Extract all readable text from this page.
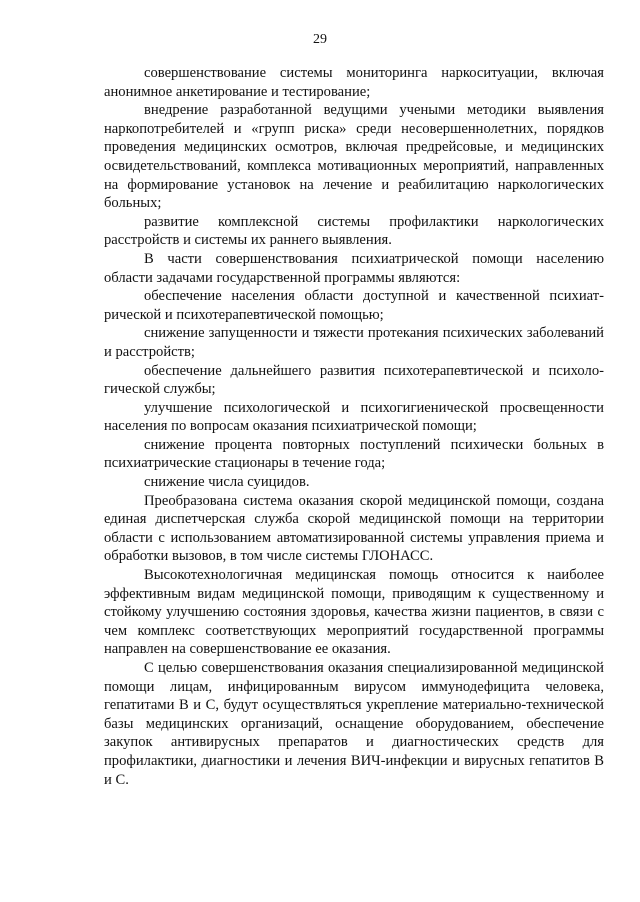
29

совершенствование системы мониторинга наркоситуации, включая анонимное анкетирование и тестирование;

внедрение разработанной ведущими учеными методики выявления наркопотребителей и «групп риска» среди несовершеннолетних, порядков проведения медицинских осмотров, включая предрейсовые, и медицинских освидетельствований, комплекса мотивационных мероприятий, направленных на формирование установок на лечение и реабилитацию наркологических больных;

развитие комплексной системы профилактики наркологических расстройств и системы их раннего выявления.

В части совершенствования психиатрической помощи населению области задачами государственной программы являются:

обеспечение населения области доступной и качественной психиатрической и психотерапевтической помощью;

снижение запущенности и тяжести протекания психических заболеваний и расстройств;

обеспечение дальнейшего развития психотерапевтической и психологической службы;

улучшение психологической и психогигиенической просвещенности населения по вопросам оказания психиатрической помощи;

снижение процента повторных поступлений психически больных в психиатрические стационары в течение года;

снижение числа суицидов.

Преобразована система оказания скорой медицинской помощи, создана единая диспетчерская служба скорой медицинской помощи на территории области с использованием автоматизированной системы управления приема и обработки вызовов, в том числе системы ГЛОНАСС.

Высокотехнологичная медицинская помощь относится к наиболее эффективным видам медицинской помощи, приводящим к существенному и стойкому улучшению состояния здоровья, качества жизни пациентов, в связи с чем комплекс соответствующих мероприятий государственной программы направлен на совершенствование ее оказания.

С целью совершенствования оказания специализированной медицинской помощи лицам, инфицированным вирусом иммунодефицита человека, гепатитами В и С, будут осуществляться укрепление материально-технической базы медицинских организаций, оснащение оборудованием, обеспечение закупок антивирусных препаратов и диагностических средств для профилактики, диагностики и лечения ВИЧ-инфекции и вирусных гепатитов В и С.
